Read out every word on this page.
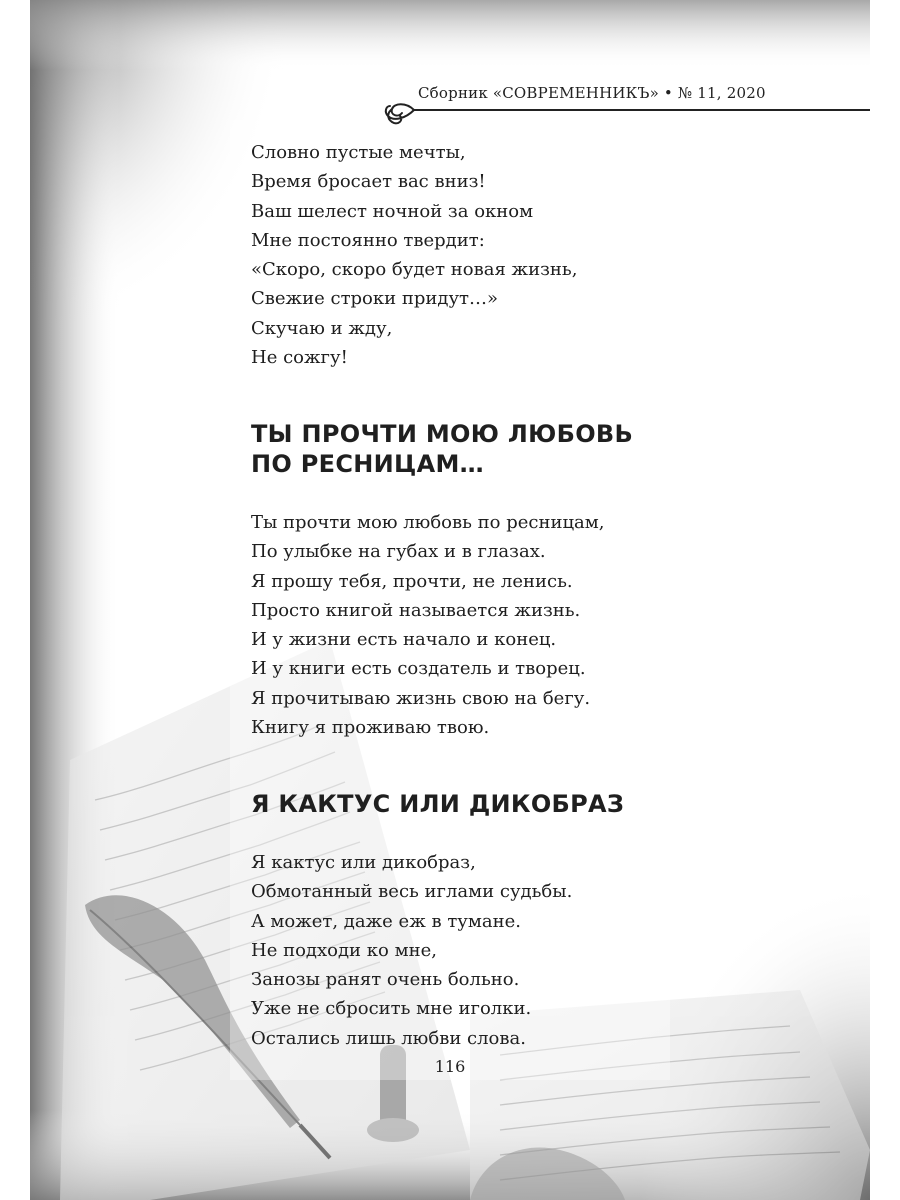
Сборник «СОВРЕМЕННИКЪ» • № 11, 2020
Словно пустые мечты,
Время бросает вас вниз!
Ваш шелест ночной за окном
Мне постоянно твердит:
«Скоро, скоро будет новая жизнь,
Свежие строки придут…»
Скучаю и жду,
Не сожгу!
ТЫ ПРОЧТИ МОЮ ЛЮБОВЬ
ПО РЕСНИЦАМ…
Ты прочти мою любовь по ресницам,
По улыбке на губах и в глазах.
Я прошу тебя, прочти, не ленись.
Просто книгой называется жизнь.
И у жизни есть начало и конец.
И у книги есть создатель и творец.
Я прочитываю жизнь свою на бегу.
Книгу я проживаю твою.
Я КАКТУС ИЛИ ДИКОБРАЗ
Я кактус или дикобраз,
Обмотанный весь иглами судьбы.
А может, даже еж в тумане.
Не подходи ко мне,
Занозы ранят очень больно.
Уже не сбросить мне иголки.
Остались лишь любви слова.
116
